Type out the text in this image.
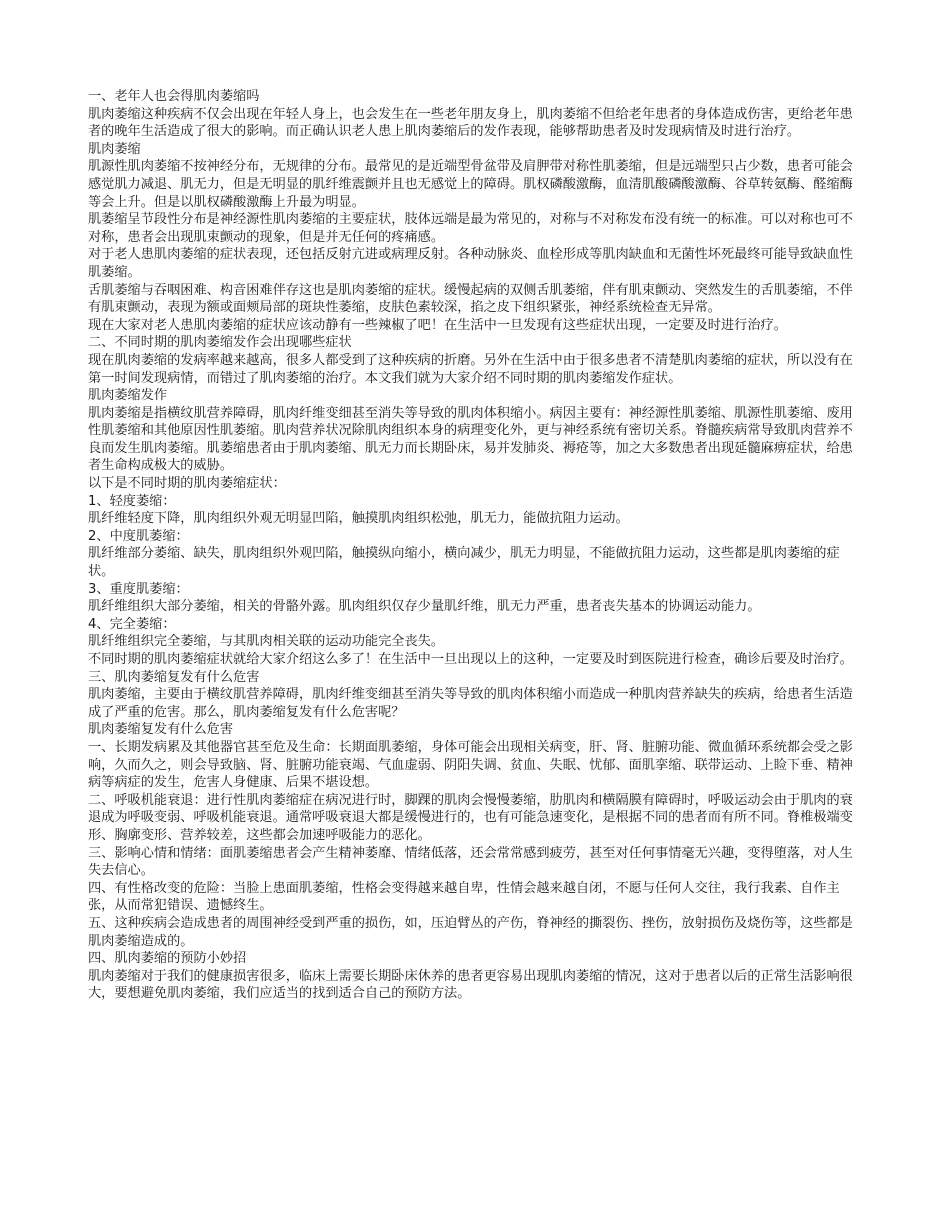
一、老年人也会得肌肉萎缩吗

肌肉萎缩这种疾病不仅会出现在年轻人身上，也会发生在一些老年朋友身上，肌肉萎缩不但给老年患者的身体造成伤害，更给老年患者的晚年生活造成了很大的影响。而正确认识老人患上肌肉萎缩后的发作表现，能够帮助患者及时发现病情及时进行治疗。

肌肉萎缩

肌源性肌肉萎缩不按神经分布，无规律的分布。最常见的是近端型骨盆带及肩胛带对称性肌萎缩，但是远端型只占少数，患者可能会感觉肌力减退、肌无力，但是无明显的肌纤维震颤并且也无感觉上的障碍。肌权磷酸激酶，血清肌酸磷酸激酶、谷草转氨酶、醛缩酶等会上升。但是以肌权磷酸激酶上升最为明显。

肌萎缩呈节段性分布是神经源性肌肉萎缩的主要症状，肢体远端是最为常见的，对称与不对称发布没有统一的标准。可以对称也可不对称，患者会出现肌束颤动的现象，但是并无任何的疼痛感。

对于老人患肌肉萎缩的症状表现，还包括反射亢进或病理反射。各种动脉炎、血栓形成等肌肉缺血和无菌性坏死最终可能导致缺血性肌萎缩。

舌肌萎缩与吞咽困难、构音困难伴存这也是肌肉萎缩的症状。缓慢起病的双侧舌肌萎缩，伴有肌束颤动、突然发生的舌肌萎缩，不伴有肌束颤动，表现为额或面颊局部的斑块性萎缩，皮肤色素较深，掐之皮下组织紧张，神经系统检查无异常。

现在大家对老人患肌肉萎缩的症状应该动静有一些辣椒了吧！在生活中一旦发现有这些症状出现，一定要及时进行治疗。

二、不同时期的肌肉萎缩发作会出现哪些症状

现在肌肉萎缩的发病率越来越高，很多人都受到了这种疾病的折磨。另外在生活中由于很多患者不清楚肌肉萎缩的症状，所以没有在第一时间发现病情，而错过了肌肉萎缩的治疗。本文我们就为大家介绍不同时期的肌肉萎缩发作症状。

肌肉萎缩发作

肌肉萎缩是指横纹肌营养障碍，肌肉纤维变细甚至消失等导致的肌肉体积缩小。病因主要有：神经源性肌萎缩、肌源性肌萎缩、废用性肌萎缩和其他原因性肌萎缩。肌肉营养状况除肌肉组织本身的病理变化外，更与神经系统有密切关系。脊髓疾病常导致肌肉营养不良而发生肌肉萎缩。肌萎缩患者由于肌肉萎缩、肌无力而长期卧床，易并发肺炎、褥疮等，加之大多数患者出现延髓麻痹症状，给患者生命构成极大的威胁。

以下是不同时期的肌肉萎缩症状：

1、轻度萎缩：

肌纤维轻度下降，肌肉组织外观无明显凹陷，触摸肌肉组织松弛，肌无力，能做抗阻力运动。

2、中度肌萎缩：

肌纤维部分萎缩、缺失，肌肉组织外观凹陷，触摸纵向缩小，横向减少，肌无力明显，不能做抗阻力运动，这些都是肌肉萎缩的症状。

3、重度肌萎缩：

肌纤维组织大部分萎缩，相关的骨骼外露。肌肉组织仅存少量肌纤维，肌无力严重，患者丧失基本的协调运动能力。

4、完全萎缩：

肌纤维组织完全萎缩，与其肌肉相关联的运动功能完全丧失。

不同时期的肌肉萎缩症状就给大家介绍这么多了！在生活中一旦出现以上的这种，一定要及时到医院进行检查，确诊后要及时治疗。

三、肌肉萎缩复发有什么危害

肌肉萎缩，主要由于横纹肌营养障碍，肌肉纤维变细甚至消失等导致的肌肉体积缩小而造成一种肌肉营养缺失的疾病，给患者生活造成了严重的危害。那么，肌肉萎缩复发有什么危害呢？

肌肉萎缩复发有什么危害

一、长期发病累及其他器官甚至危及生命：长期面肌萎缩，身体可能会出现相关病变，肝、肾、脏腑功能、微血循环系统都会受之影响，久而久之，则会导致脑、肾、脏腑功能衰竭、气血虚弱、阴阳失调、贫血、失眠、忧郁、面肌挛缩、联带运动、上睑下垂、精神病等病症的发生，危害人身健康、后果不堪设想。

二、呼吸机能衰退：进行性肌肉萎缩症在病况进行时，脚踝的肌肉会慢慢萎缩，肋肌肉和横隔膜有障碍时，呼吸运动会由于肌肉的衰退成为呼吸变弱、呼吸机能衰退。通常呼吸衰退大都是缓慢进行的，也有可能急速变化，是根据不同的患者而有所不同。脊椎极端变形、胸廓变形、营养较差，这些都会加速呼吸能力的恶化。

三、影响心情和情绪：面肌萎缩患者会产生精神萎靡、情绪低落，还会常常感到疲劳，甚至对任何事情毫无兴趣，变得堕落，对人生失去信心。

四、有性格改变的危险：当脸上患面肌萎缩，性格会变得越来越自卑，性情会越来越自闭，不愿与任何人交往，我行我素、自作主张，从而常犯错误、遗憾终生。

五、这种疾病会造成患者的周围神经受到严重的损伤，如，压迫臂丛的产伤，脊神经的撕裂伤、挫伤，放射损伤及烧伤等，这些都是肌肉萎缩造成的。

四、肌肉萎缩的预防小妙招

肌肉萎缩对于我们的健康损害很多，临床上需要长期卧床休养的患者更容易出现肌肉萎缩的情况，这对于患者以后的正常生活影响很大，要想避免肌肉萎缩，我们应适当的找到适合自己的预防方法。
